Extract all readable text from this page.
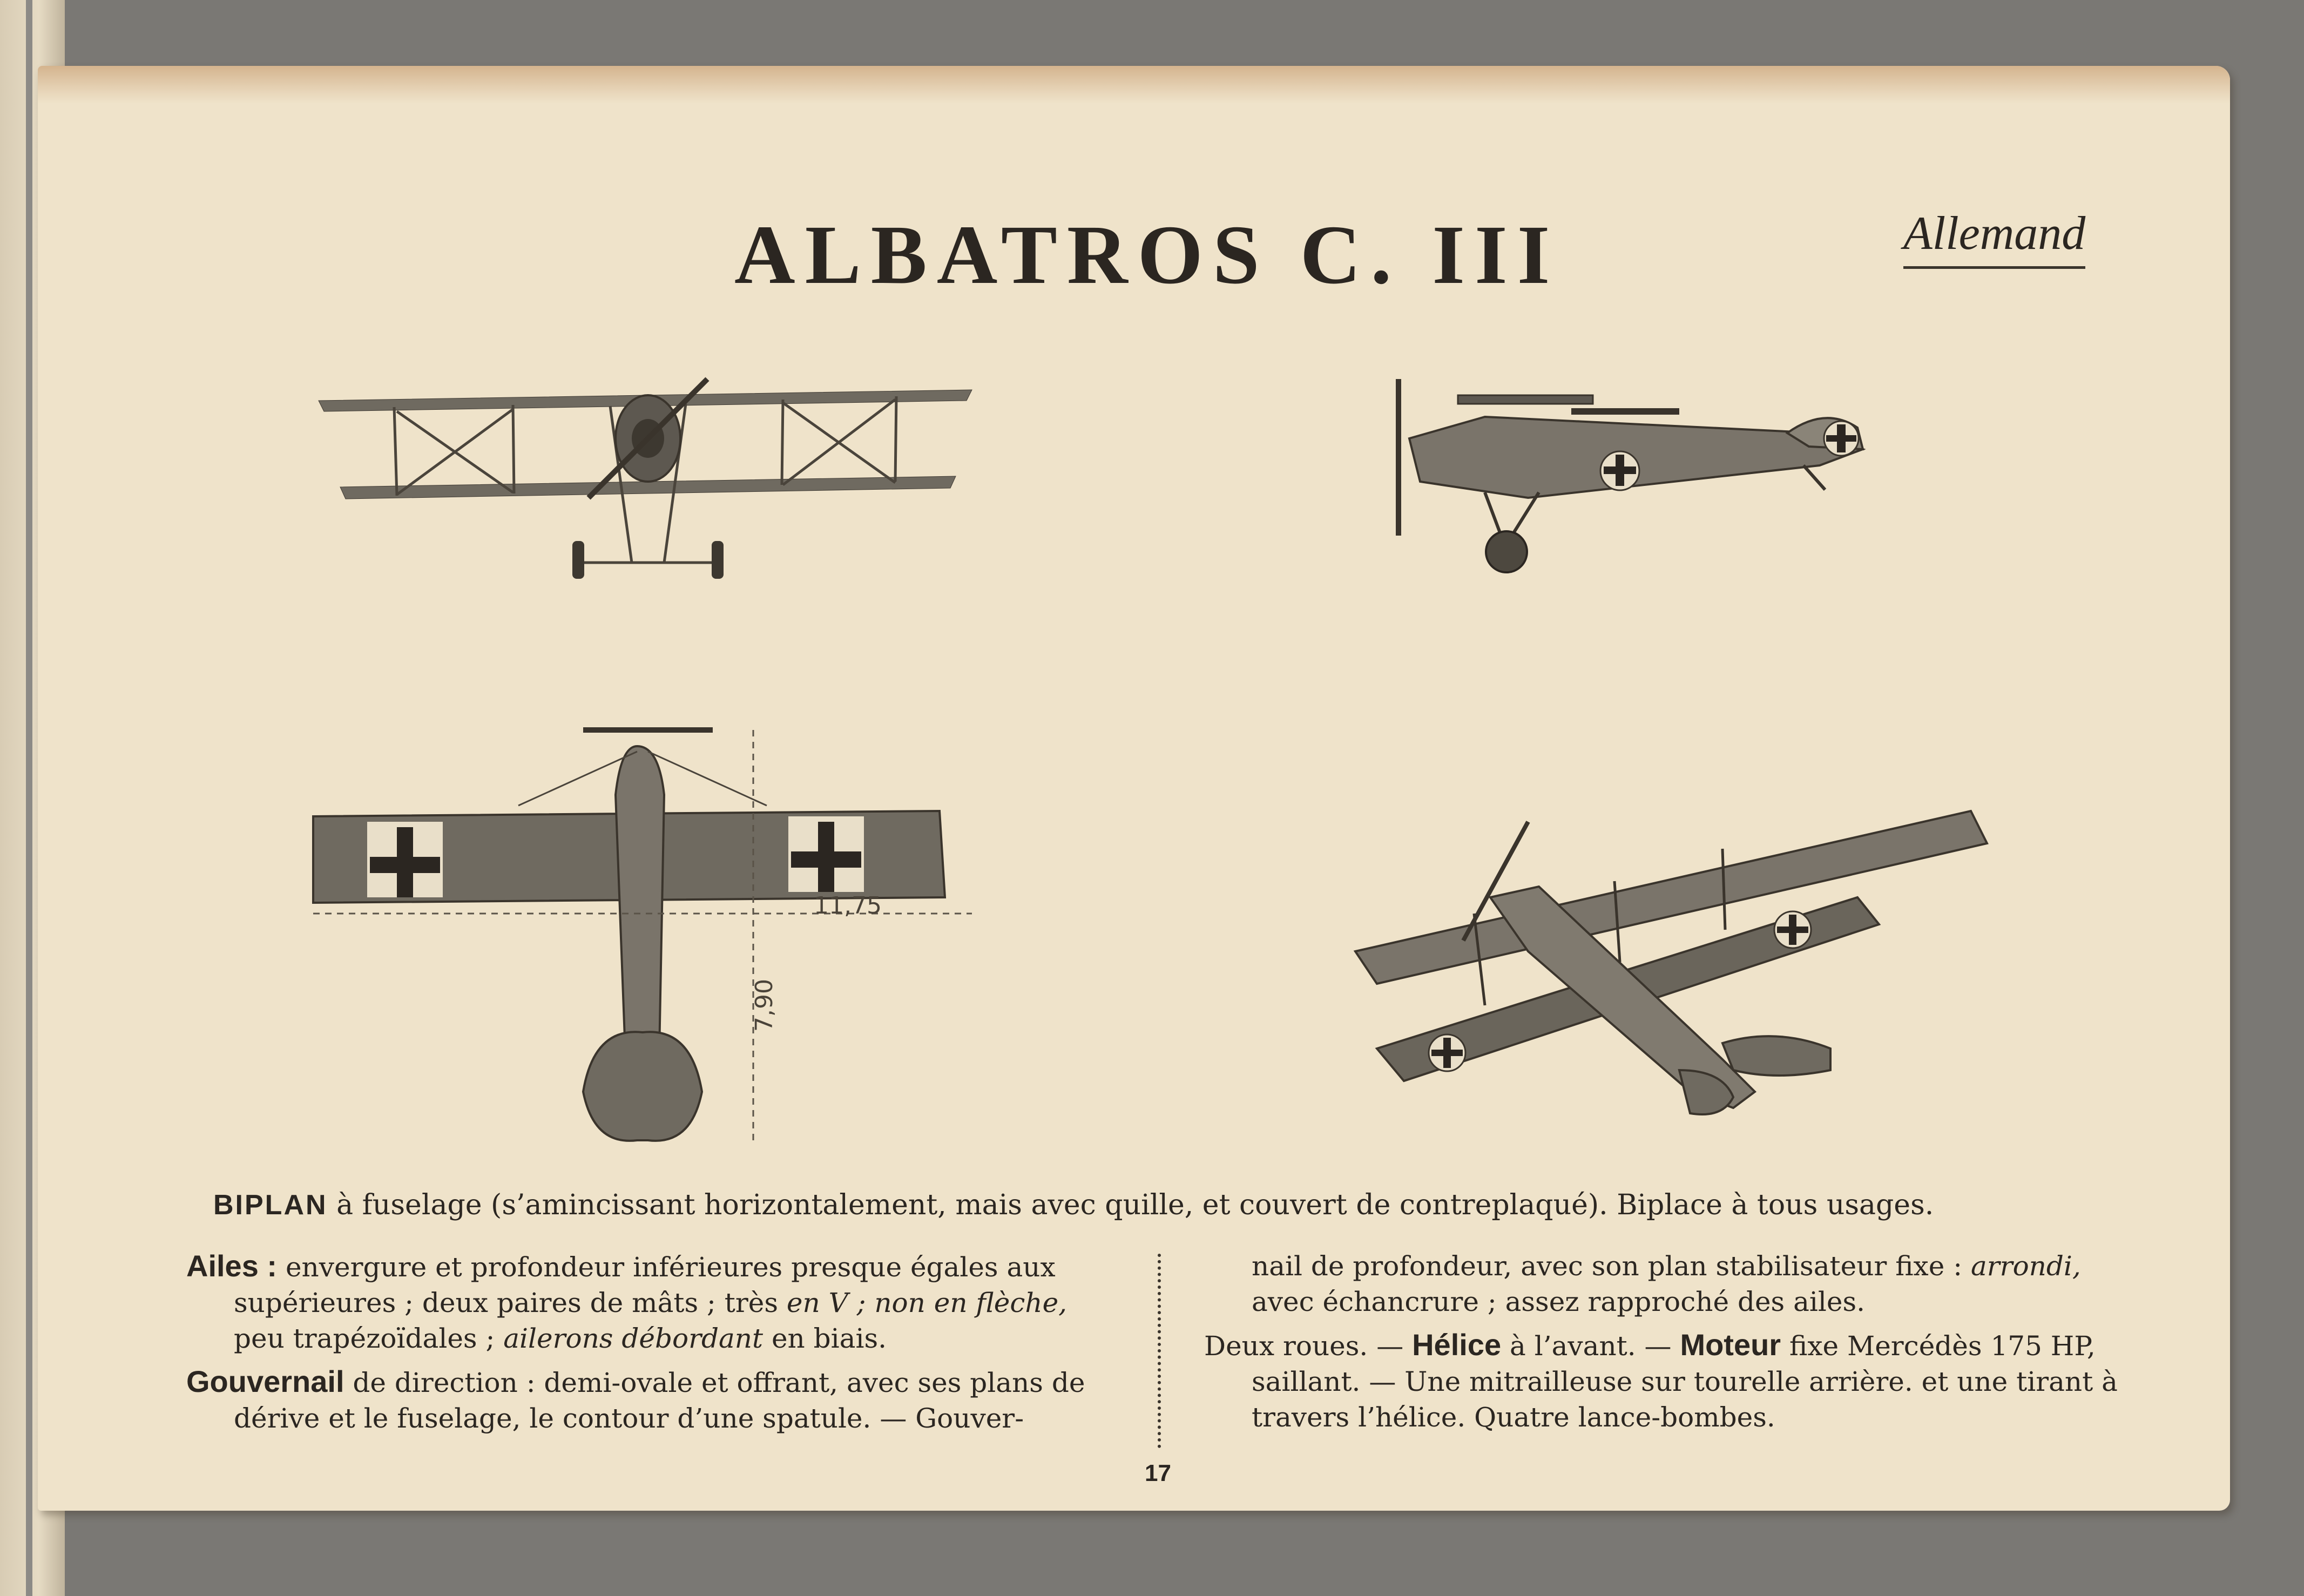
ALBATROS C. III	Allemand
11,75
7,90
BIPLAN à fuselage (s’amincissant horizontalement, mais avec quille, et couvert de contreplaqué). Biplace à tous usages.

Ailes : envergure et profondeur inférieures presque égales aux supérieures ; deux paires de mâts ; très en V ; non en flèche, peu trapézoïdales ; ailerons débordant en biais.

Gouvernail de direction : demi-ovale et offrant, avec ses plans de dérive et le fuselage, le contour d’une spatule. — Gouver-

nail de profondeur, avec son plan stabilisateur fixe : arrondi, avec échancrure ; assez rapproché des ailes.

Deux roues. — Hélice à l’avant. — Moteur fixe Mercédès 175 HP, saillant. — Une mitrailleuse sur tourelle arrière. et une tirant à travers l’hélice. Quatre lance-bombes.

17
